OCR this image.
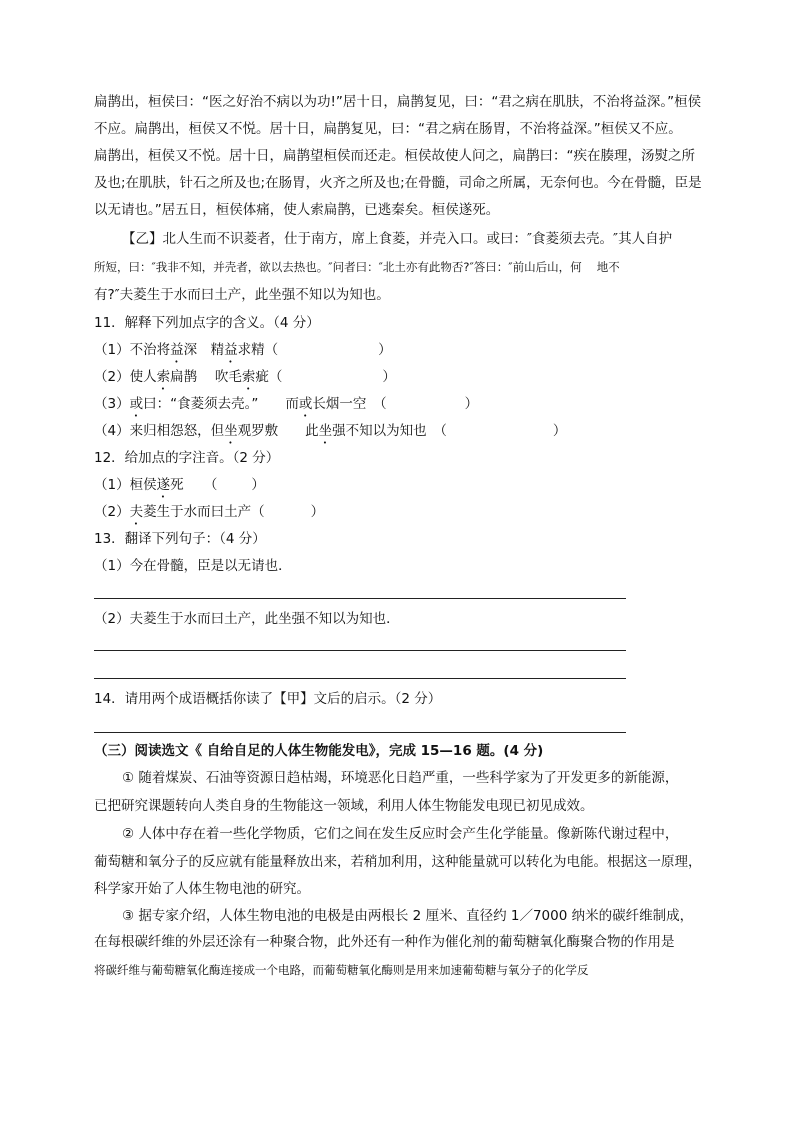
扁鹊出，桓侯曰：“医之好治不病以为功!”居十日，扁鹊复见，曰：“君之病在肌肤，不治将益深。”桓侯
不应。扁鹊出，桓侯又不悦。居十日，扁鹊复见，曰：“君之病在肠胃，不治将益深。”桓侯又不应。
扁鹊出，桓侯又不悦。居十日，扁鹊望桓侯而还走。桓侯故使人问之，扁鹊曰：“疾在腠理，汤熨之所
及也;在肌肤，针石之所及也;在肠胃，火齐之所及也;在骨髓，司命之所属，无奈何也。今在骨髓，臣是
以无请也。”居五日，桓侯体痛，使人索扁鹊，已逃秦矣。桓侯遂死。
【乙】北人生而不识菱者，仕于南方，席上食菱，并壳入口。或曰：″食菱须去壳。″其人自护
所短，曰：″我非不知，并壳者，欲以去热也。″问者曰：″北土亦有此物否?″答曰：″前山后山，何　 地不
有?″夫菱生于水而曰土产，此坐强不知以为知也。
11．解释下列加点字的含义。（4 分）
（1）不治将益深　精益求精（	）
（2）使人索扁鹊　 吹毛索疵（	）
（3）或曰：“食菱须去壳。”　　而或长烟一空　（	）
（4）来归相怨怒，但坐观罗敷　　此坐强不知以为知也　（	）
12．给加点的字注音。（2 分）
（1）桓侯遂死　　（	）
（2）夫菱生于水而曰土产（	）
13．翻译下列句子：（4 分）
（1）今在骨髓，臣是以无请也．
（2）夫菱生于水而曰土产，此坐强不知以为知也．
14．请用两个成语概括你读了【甲】文后的启示。（2 分）
（三）阅读选文《 自给自足的人体生物能发电》，完成 15—16 题。(4 分)
① 随着煤炭、石油等资源日趋枯竭，环境恶化日趋严重，一些科学家为了开发更多的新能源，
已把研究课题转向人类自身的生物能这一领域，利用人体生物能发电现已初见成效。
② 人体中存在着一些化学物质，它们之间在发生反应时会产生化学能量。像新陈代谢过程中，
葡萄糖和氧分子的反应就有能量释放出来，若稍加利用，这种能量就可以转化为电能。根据这一原理，
科学家开始了人体生物电池的研究。
③ 据专家介绍，人体生物电池的电极是由两根长 2 厘米、直径约 1／7000 纳米的碳纤维制成，
在每根碳纤维的外层还涂有一种聚合物，此外还有一种作为催化剂的葡萄糖氧化酶聚合物的作用是
将碳纤维与葡萄糖氧化酶连接成一个电路，而葡萄糖氧化酶则是用来加速葡萄糖与氧分子的化学反
